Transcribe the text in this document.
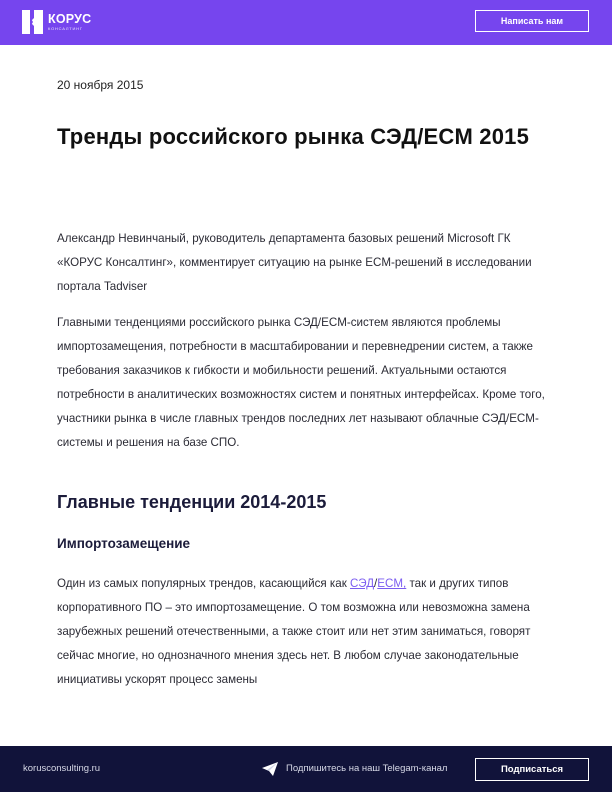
КОРУС
КОНСАЛТИНГ
Написать нам
20 ноября 2015
Тренды российского рынка СЭД/ECM 2015
Александр Невинчаный, руководитель департамента базовых решений Microsoft ГК «КОРУС Консалтинг», комментирует ситуацию на рынке ECM-решений в исследовании портала Tadviser
Главными тенденциями российского рынка СЭД/ECM-систем являются проблемы импортозамещения, потребности в масштабировании и перевнедрении систем, а также требования заказчиков к гибкости и мобильности решений. Актуальными остаются потребности в аналитических возможностях систем и понятных интерфейсах. Кроме того, участники рынка в числе главных трендов последних лет называют облачные СЭД/ECM-системы и решения на базе СПО.
Главные тенденции 2014-2015
Импортозамещение
Один из самых популярных трендов, касающийся как СЭД/ECM, так и других типов корпоративного ПО – это импортозамещение. О том возможна или невозможна замена зарубежных решений отечественными, а также стоит или нет этим заниматься, говорят сейчас многие, но однозначного мнения здесь нет. В любом случае законодательные инициативы ускорят процесс замены
korusconsulting.ru	Подпишитесь на наш Telegam-канал	Подписаться
